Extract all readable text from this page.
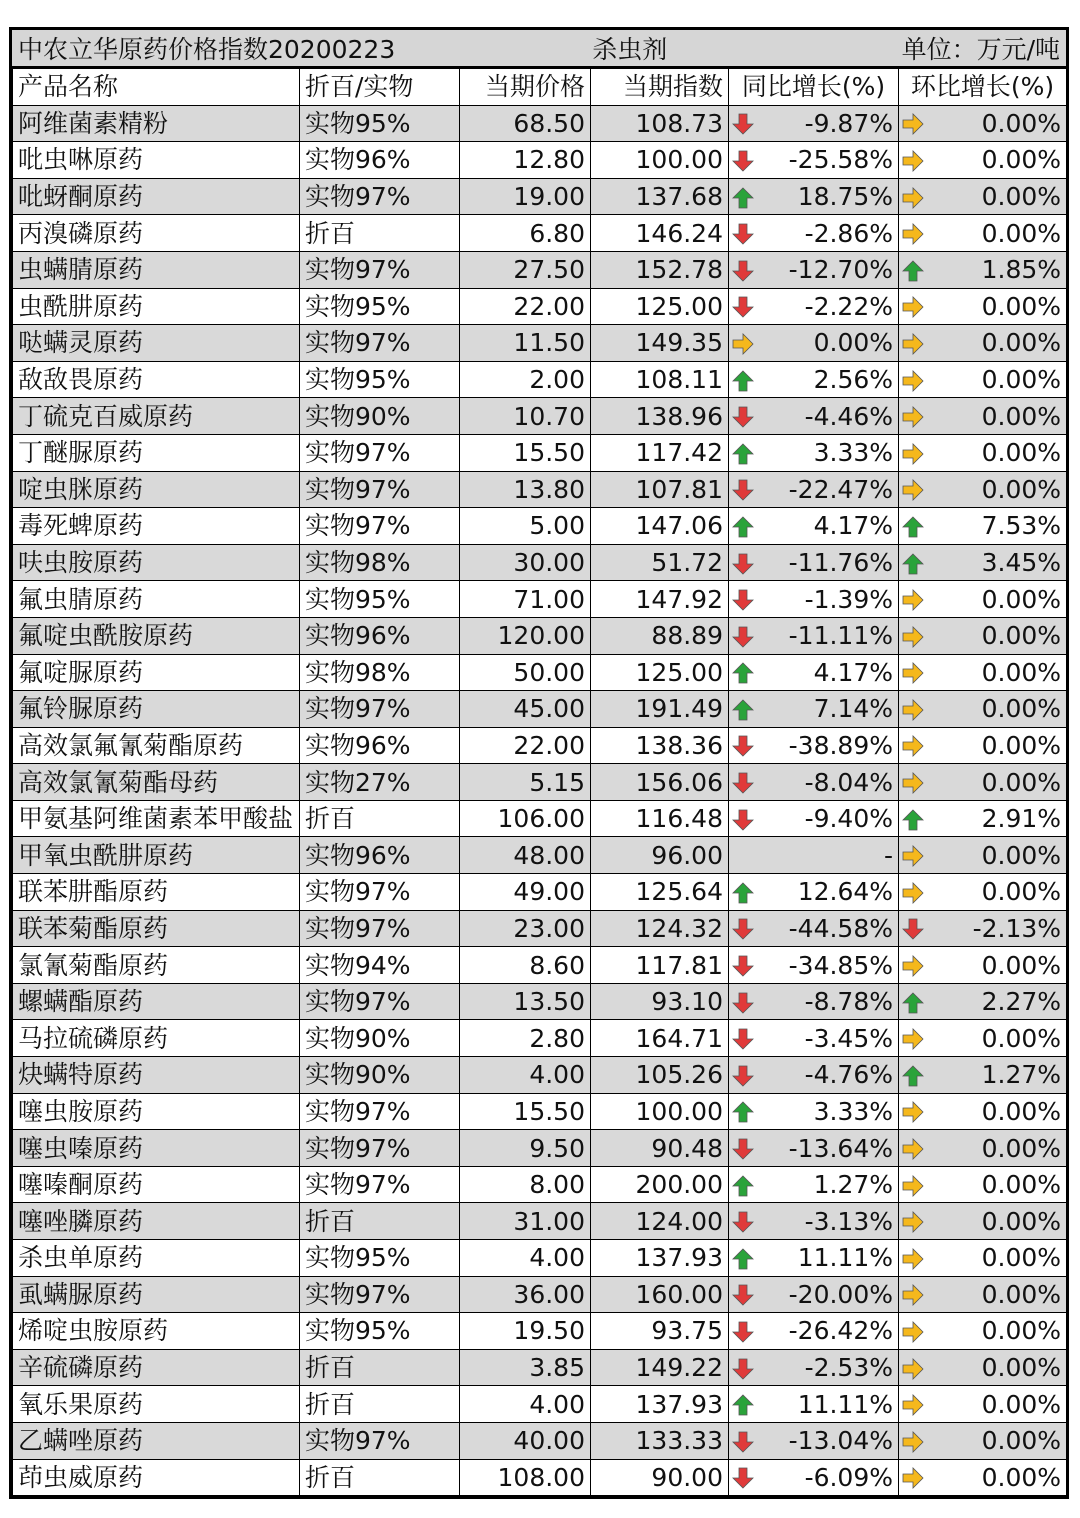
中农立华原药价格指数20200223	杀虫剂	单位：万元/吨
产品名称	折百/实物	当期价格	当期指数	同比增长(%)		环比增长(%)	
阿维菌素精粉	实物95%	68.50	108.73		-9.87%		0.00%
吡虫啉原药	实物96%	12.80	100.00		-25.58%		0.00%
吡蚜酮原药	实物97%	19.00	137.68		18.75%		0.00%
丙溴磷原药	折百	6.80	146.24		-2.86%		0.00%
虫螨腈原药	实物97%	27.50	152.78		-12.70%		1.85%
虫酰肼原药	实物95%	22.00	125.00		-2.22%		0.00%
哒螨灵原药	实物97%	11.50	149.35		0.00%		0.00%
敌敌畏原药	实物95%	2.00	108.11		2.56%		0.00%
丁硫克百威原药	实物90%	10.70	138.96		-4.46%		0.00%
丁醚脲原药	实物97%	15.50	117.42		3.33%		0.00%
啶虫脒原药	实物97%	13.80	107.81		-22.47%		0.00%
毒死蜱原药	实物97%	5.00	147.06		4.17%		7.53%
呋虫胺原药	实物98%	30.00	51.72		-11.76%		3.45%
氟虫腈原药	实物95%	71.00	147.92		-1.39%		0.00%
氟啶虫酰胺原药	实物96%	120.00	88.89		-11.11%		0.00%
氟啶脲原药	实物98%	50.00	125.00		4.17%		0.00%
氟铃脲原药	实物97%	45.00	191.49		7.14%		0.00%
高效氯氟氰菊酯原药	实物96%	22.00	138.36		-38.89%		0.00%
高效氯氰菊酯母药	实物27%	5.15	156.06		-8.04%		0.00%
甲氨基阿维菌素苯甲酸盐	折百	106.00	116.48		-9.40%		2.91%
甲氧虫酰肼原药	实物96%	48.00	96.00		-		0.00%
联苯肼酯原药	实物97%	49.00	125.64		12.64%		0.00%
联苯菊酯原药	实物97%	23.00	124.32		-44.58%		-2.13%
氯氰菊酯原药	实物94%	8.60	117.81		-34.85%		0.00%
螺螨酯原药	实物97%	13.50	93.10		-8.78%		2.27%
马拉硫磷原药	实物90%	2.80	164.71		-3.45%		0.00%
炔螨特原药	实物90%	4.00	105.26		-4.76%		1.27%
噻虫胺原药	实物97%	15.50	100.00		3.33%		0.00%
噻虫嗪原药	实物97%	9.50	90.48		-13.64%		0.00%
噻嗪酮原药	实物97%	8.00	200.00		1.27%		0.00%
噻唑膦原药	折百	31.00	124.00		-3.13%		0.00%
杀虫单原药	实物95%	4.00	137.93		11.11%		0.00%
虱螨脲原药	实物97%	36.00	160.00		-20.00%		0.00%
烯啶虫胺原药	实物95%	19.50	93.75		-26.42%		0.00%
辛硫磷原药	折百	3.85	149.22		-2.53%		0.00%
氧乐果原药	折百	4.00	137.93		11.11%		0.00%
乙螨唑原药	实物97%	40.00	133.33		-13.04%		0.00%
茚虫威原药	折百	108.00	90.00		-6.09%		0.00%
